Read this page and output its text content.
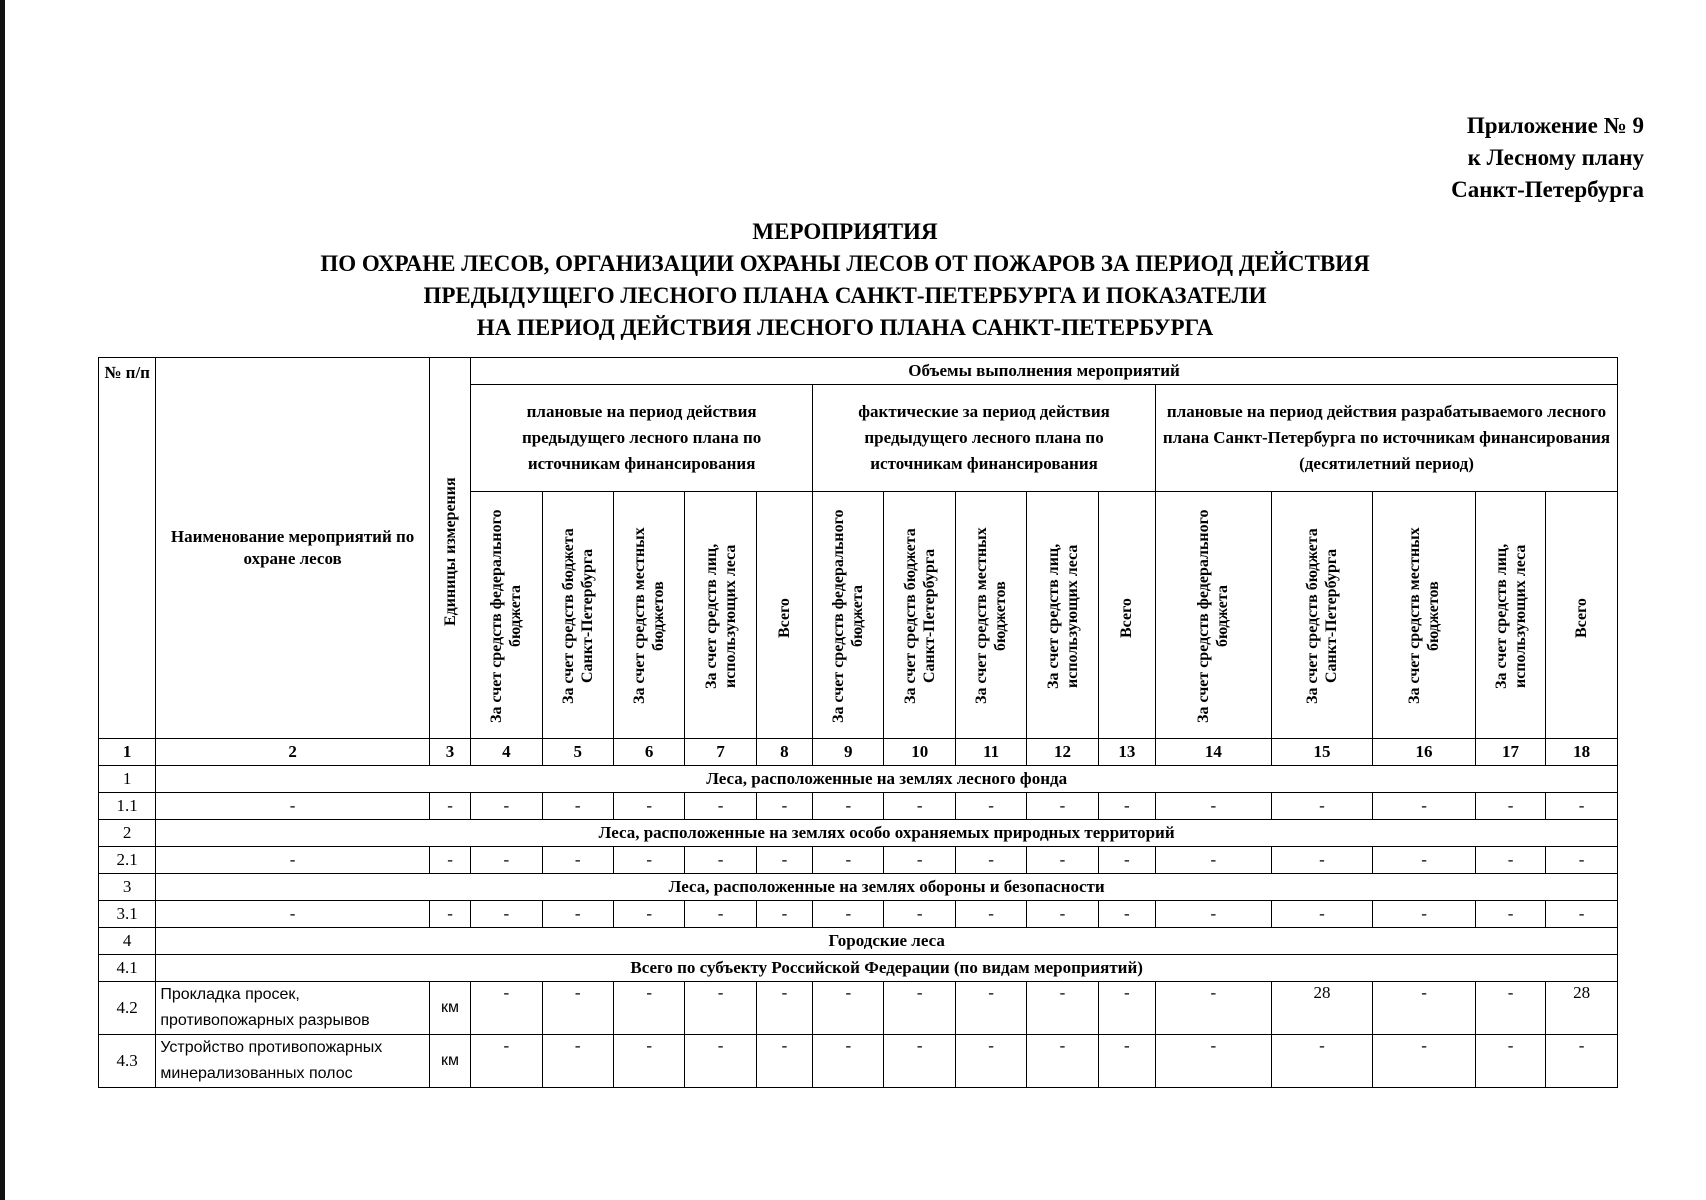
Приложение № 9
к Лесному плану
Санкт-Петербурга
МЕРОПРИЯТИЯ
ПО ОХРАНЕ ЛЕСОВ, ОРГАНИЗАЦИИ ОХРАНЫ ЛЕСОВ ОТ ПОЖАРОВ ЗА ПЕРИОД ДЕЙСТВИЯ
ПРЕДЫДУЩЕГО ЛЕСНОГО ПЛАНА САНКТ-ПЕТЕРБУРГА И ПОКАЗАТЕЛИ
НА ПЕРИОД ДЕЙСТВИЯ ЛЕСНОГО ПЛАНА САНКТ-ПЕТЕРБУРГА
№ п/п	Наименование мероприятий по охране лесов	Единицы измерения	Объемы выполнения мероприятий														
			плановые на период действия предыдущего лесного плана по источникам финансирования					фактические за период действия предыдущего лесного плана по источникам финансирования					плановые на период действия разрабатываемого лесного плана Санкт-Петербурга по источникам финансирования (десятилетний период)				

			За счет средств федерального бюджета	За счет средств бюджета Санкт-Петербурга	За счет средств местных бюджетов	За счет средств лиц, использующих леса	Всего	За счет средств федерального бюджета	За счет средств бюджета Санкт-Петербурга	За счет средств местных бюджетов	За счет средств лиц, использующих леса	Всего	За счет средств федерального бюджета	За счет средств бюджета Санкт-Петербурга	За счет средств местных бюджетов	За счет средств лиц, использующих леса	Всего

1	2	3	4	5	6	7	8	9	10	11	12	13	14	15	16	17	18
1	Леса, расположенные на землях лесного фонда																
1.1	-	-	-	-	-	-	-	-	-	-	-	-	-	-	-	-	-
2	Леса, расположенные на землях особо охраняемых природных территорий																
2.1	-	-	-	-	-	-	-	-	-	-	-	-	-	-	-	-	-
3	Леса, расположенные на землях обороны и безопасности																
3.1	-	-	-	-	-	-	-	-	-	-	-	-	-	-	-	-	-
4	Городские леса																
4.1	Всего по субъекту Российской Федерации (по видам мероприятий)																
4.2	Прокладка просек, противопожарных разрывов	км	-	-	-	-	-	-	-	-	-	-	-	28	-	-	28
4.3	Устройство противопожарных минерализованных полос	км	-	-	-	-	-	-	-	-	-	-	-	-	-	-	-
